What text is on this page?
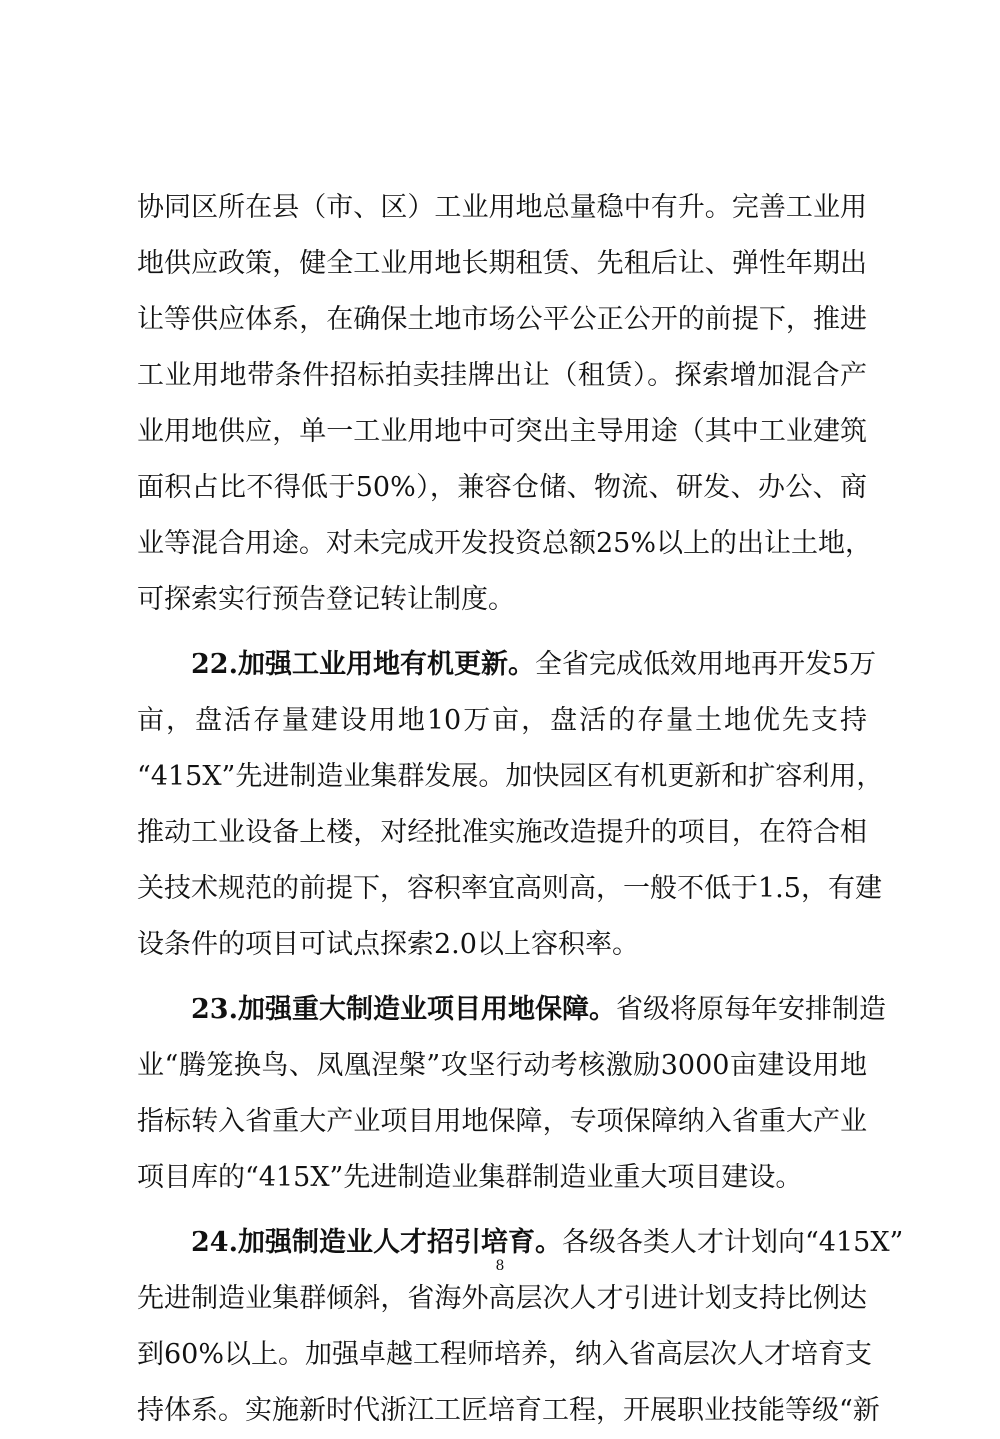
协同区所在县（市、区）工业用地总量稳中有升。完善工业用
地供应政策，健全工业用地长期租赁、先租后让、弹性年期出
让等供应体系，在确保土地市场公平公正公开的前提下，推进
工业用地带条件招标拍卖挂牌出让（租赁）。探索增加混合产
业用地供应，单一工业用地中可突出主导用途（其中工业建筑
面积占比不得低于50%），兼容仓储、物流、研发、办公、商
业等混合用途。对未完成开发投资总额25%以上的出让土地，
可探索实行预告登记转让制度。
22.加强工业用地有机更新。全省完成低效用地再开发5万
亩，盘活存量建设用地10万亩，盘活的存量土地优先支持
“415X”先进制造业集群发展。加快园区有机更新和扩容利用，
推动工业设备上楼，对经批准实施改造提升的项目，在符合相
关技术规范的前提下，容积率宜高则高，一般不低于1.5，有建
设条件的项目可试点探索2.0以上容积率。
23.加强重大制造业项目用地保障。省级将原每年安排制造
业“腾笼换鸟、凤凰涅槃”攻坚行动考核激励3000亩建设用地
指标转入省重大产业项目用地保障，专项保障纳入省重大产业
项目库的“415X”先进制造业集群制造业重大项目建设。
24.加强制造业人才招引培育。各级各类人才计划向“415X”
先进制造业集群倾斜，省海外高层次人才引进计划支持比例达
到60%以上。加强卓越工程师培养，纳入省高层次人才培育支
持体系。实施新时代浙江工匠培育工程，开展职业技能等级“新
8
